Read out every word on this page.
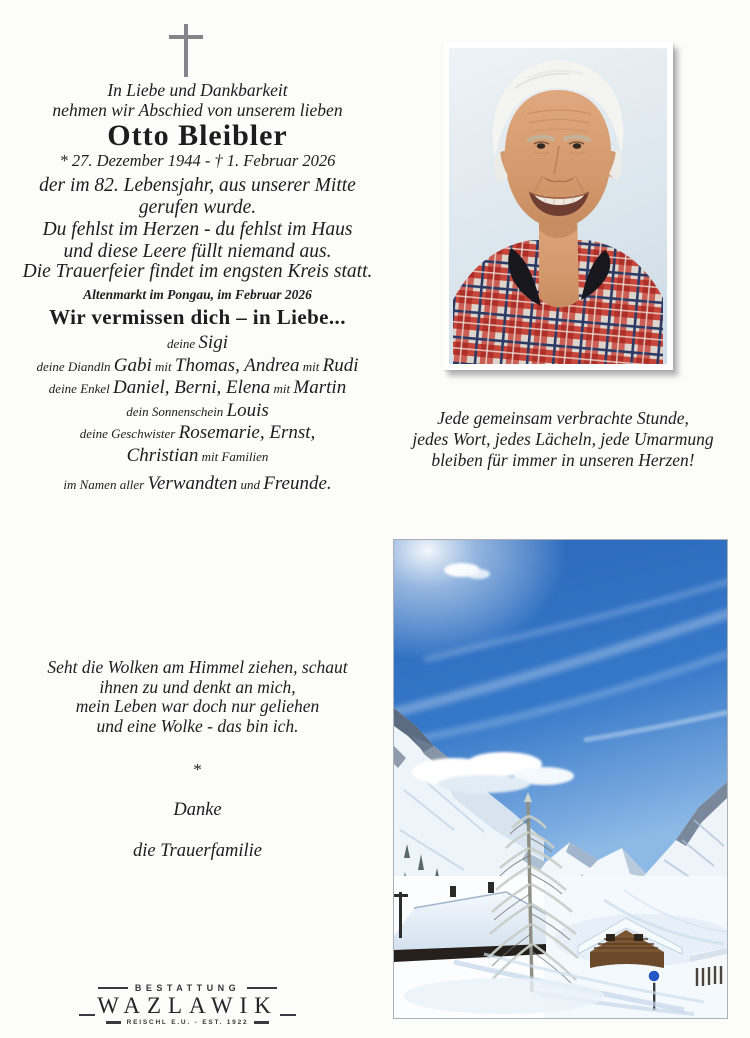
In Liebe und Dankbarkeit
nehmen wir Abschied von unserem lieben
Otto Bleibler
* 27. Dezember 1944 - † 1. Februar 2026
der im 82. Lebensjahr, aus unserer Mitte
gerufen wurde.
Du fehlst im Herzen - du fehlst im Haus
und diese Leere füllt niemand aus.
Die Trauerfeier findet im engsten Kreis statt.
Altenmarkt im Pongau, im Februar 2026
Wir vermissen dich – in Liebe...
deine Sigi
deine Diandln Gabi mit Thomas, Andrea mit Rudi
deine Enkel Daniel, Berni, Elena mit Martin
dein Sonnenschein Louis
deine Geschwister Rosemarie, Ernst,
Christian mit Familien
im Namen aller Verwandten und Freunde.
Seht die Wolken am Himmel ziehen, schaut
ihnen zu und denkt an mich,
mein Leben war doch nur geliehen
und eine Wolke - das bin ich.
*
Danke
die Trauerfamilie
Jede gemeinsam verbrachte Stunde,
jedes Wort, jedes Lächeln, jede Umarmung
bleiben für immer in unseren Herzen!
BESTATTUNG
WAZLAWIK
REISCHL E.U. - EST. 1922
